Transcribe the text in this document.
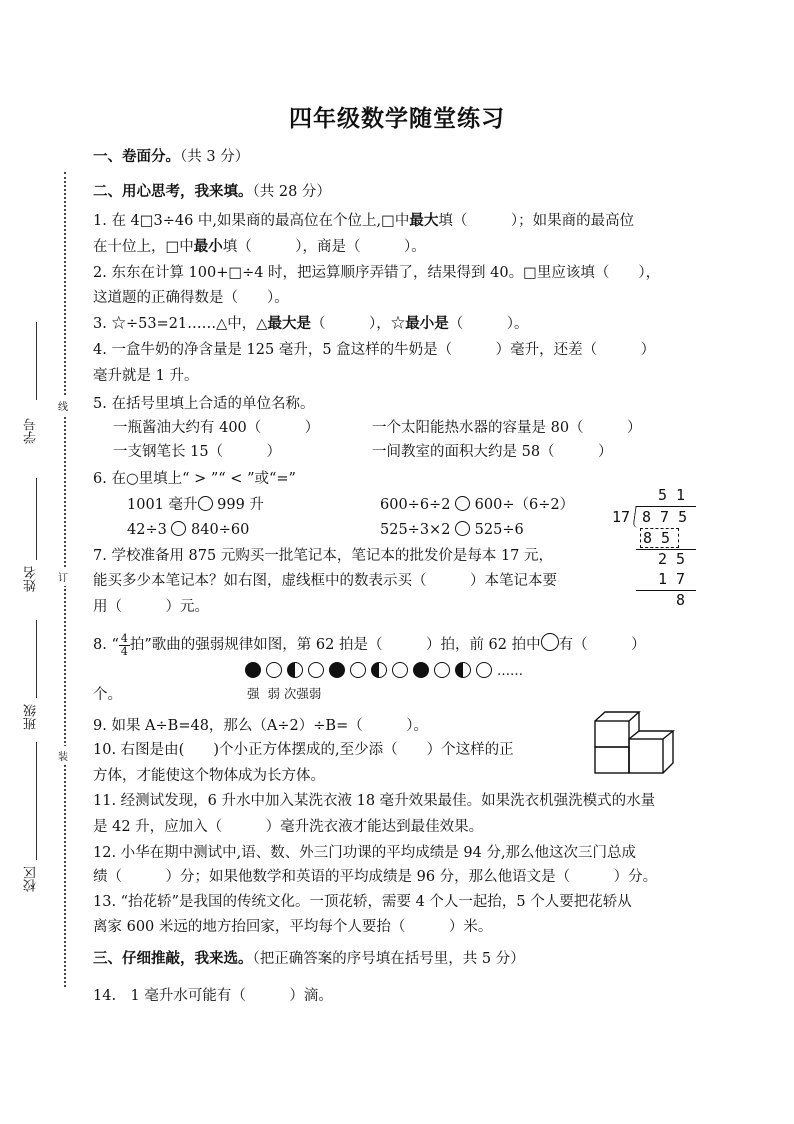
线
订
装
学号
姓名
班级
校区
四年级数学随堂练习
一、卷面分。（共 3 分）
二、用心思考，我来填。（共 28 分）
1. 在 4□3÷46 中,如果商的最高位在个位上,□中最大填（　　　）；如果商的最高位
在十位上，□中最小填（　　　），商是（　　　）。
2. 东东在计算 100+□÷4 时，把运算顺序弄错了，结果得到 40。□里应该填（　　），
这道题的正确得数是（　　）。
3. ☆÷53=21……△中，△最大是（　　　），☆最小是（　　　）。
4. 一盒牛奶的净含量是 125 毫升，5 盒这样的牛奶是（　　　）毫升，还差（　　　）
毫升就是 1 升。
5. 在括号里填上合适的单位名称。
一瓶酱油大约有 400（　　　）	一个太阳能热水器的容量是 80（　　　）
一支钢笔长 15（　　　）	一间教室的面积大约是 58（　　　）
6. 在○里填上“ > ”“ < ”或“=”
1001 毫升 999 升	600÷6÷2  600÷（6÷2）
42÷3  840÷60	525÷3×2  525÷6
5 1
17 8 7 5
8 5
2 5
1 7
8
7. 学校准备用 875 元购买一批笔记本，笔记本的批发价是每本 17 元，
能买多少本笔记本？如右图，虚线框中的数表示买（　　　）本笔记本要
用（　　　）元。
8. “ $\frac{4}{4}$ 拍”歌曲的强弱规律如图，第 62 拍是（　　　）拍，前 62 拍中 有（　　　）
……
强  弱 次强弱
个。
9. 如果 A÷B=48，那么（A÷2）÷B=（　　　）。
10. 右图是由(　　)个小正方体摆成的,至少添（　　）个这样的正
方体，才能使这个物体成为长方体。
11. 经测试发现，6 升水中加入某洗衣液 18 毫升效果最佳。如果洗衣机强洗模式的水量
是 42 升，应加入（　　　）毫升洗衣液才能达到最佳效果。
12. 小华在期中测试中,语、数、外三门功课的平均成绩是 94 分,那么他这次三门总成
绩（　　　）分；如果他数学和英语的平均成绩是 96 分，那么他语文是（　　　）分。
13. “抬花轿”是我国的传统文化。一顶花轿，需要 4 个人一起抬，5 个人要把花轿从
离家 600 米远的地方抬回家，平均每个人要抬（　　　）米。
三、仔细推敲，我来选。（把正确答案的序号填在括号里，共 5 分）
14.　1 毫升水可能有（　　　）滴。
